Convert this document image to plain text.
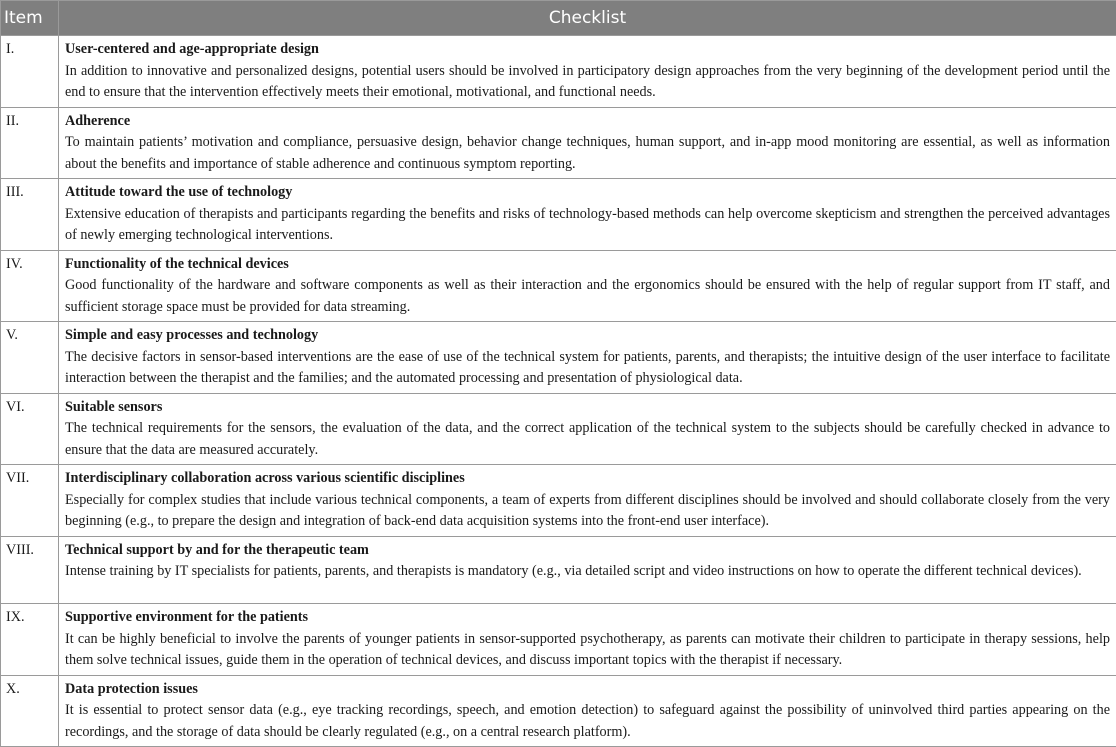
Item	Checklist
I.	User-centered and age-appropriate design
In addition to innovative and personalized designs, potential users should be involved in participatory design approaches from the very beginning of the development period until the end to ensure that the intervention effectively meets their emotional, motivational, and functional needs.

II.	Adherence
To maintain patients’ motivation and compliance, persuasive design, behavior change techniques, human support, and in-app mood monitoring are essential, as well as information about the benefits and importance of stable adherence and continuous symptom reporting.

III.	Attitude toward the use of technology
Extensive education of therapists and participants regarding the benefits and risks of technology-based methods can help overcome skepticism and strengthen the perceived advantages of newly emerging technological interventions.

IV.	Functionality of the technical devices
Good functionality of the hardware and software components as well as their interaction and the ergonomics should be ensured with the help of regular support from IT staff, and sufficient storage space must be provided for data streaming.

V.	Simple and easy processes and technology
The decisive factors in sensor-based interventions are the ease of use of the technical system for patients, parents, and therapists; the intuitive design of the user interface to facilitate interaction between the therapist and the families; and the automated processing and presentation of physiological data.

VI.	Suitable sensors
The technical requirements for the sensors, the evaluation of the data, and the correct application of the technical system to the subjects should be carefully checked in advance to ensure that the data are measured accurately.

VII.	Interdisciplinary collaboration across various scientific disciplines
Especially for complex studies that include various technical components, a team of experts from different disciplines should be involved and should collaborate closely from the very beginning (e.g., to prepare the design and integration of back-end data acquisition systems into the front-end user interface).

VIII.	Technical support by and for the therapeutic team
Intense training by IT specialists for patients, parents, and therapists is mandatory (e.g., via detailed script and video instructions on how to operate the different technical devices).

IX.	Supportive environment for the patients
It can be highly beneficial to involve the parents of younger patients in sensor-supported psychotherapy, as parents can motivate their children to participate in therapy sessions, help them solve technical issues, guide them in the operation of technical devices, and discuss important topics with the therapist if necessary.

X.	Data protection issues
It is essential to protect sensor data (e.g., eye tracking recordings, speech, and emotion detection) to safeguard against the possibility of uninvolved third parties appearing on the recordings, and the storage of data should be clearly regulated (e.g., on a central research platform).
